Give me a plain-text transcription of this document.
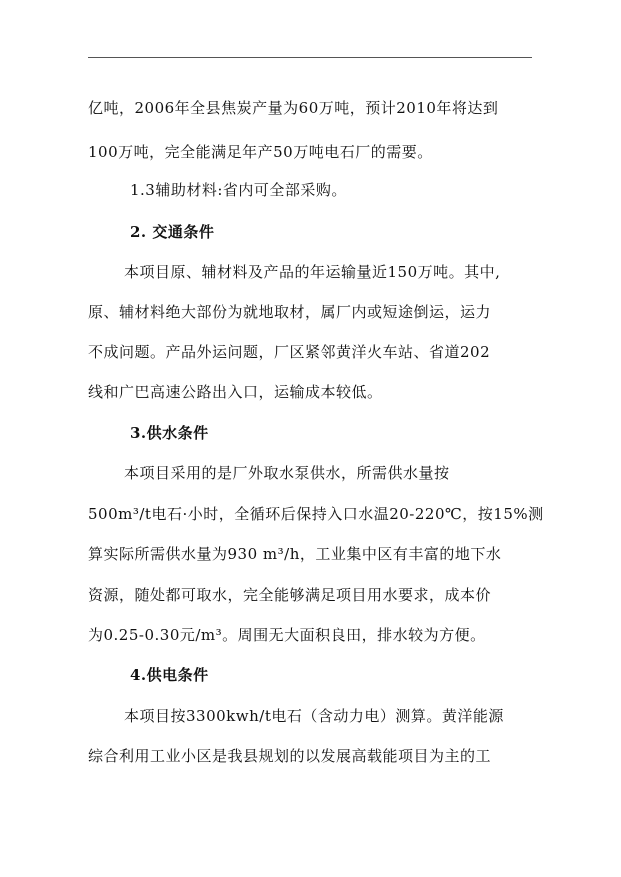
亿吨，2006年全县焦炭产量为60万吨，预计2010年将达到
100万吨，完全能满足年产50万吨电石厂的需要。
1.3辅助材料:省内可全部采购。
2. 交通条件
本项目原、辅材料及产品的年运输量近150万吨。其中,
原、辅材料绝大部份为就地取材，属厂内或短途倒运，运力
不成问题。产品外运问题，厂区紧邻黄洋火车站、省道202
线和广巴高速公路出入口，运输成本较低。
3.供水条件
本项目采用的是厂外取水泵供水，所需供水量按
500m³/t电石·小时，全循环后保持入口水温20-220℃，按15%测
算实际所需供水量为930 m³/h，工业集中区有丰富的地下水
资源，随处都可取水，完全能够满足项目用水要求，成本价
为0.25-0.30元/m³。周围无大面积良田，排水较为方便。
4.供电条件
本项目按3300kwh/t电石（含动力电）测算。黄洋能源
综合利用工业小区是我县规划的以发展高载能项目为主的工
